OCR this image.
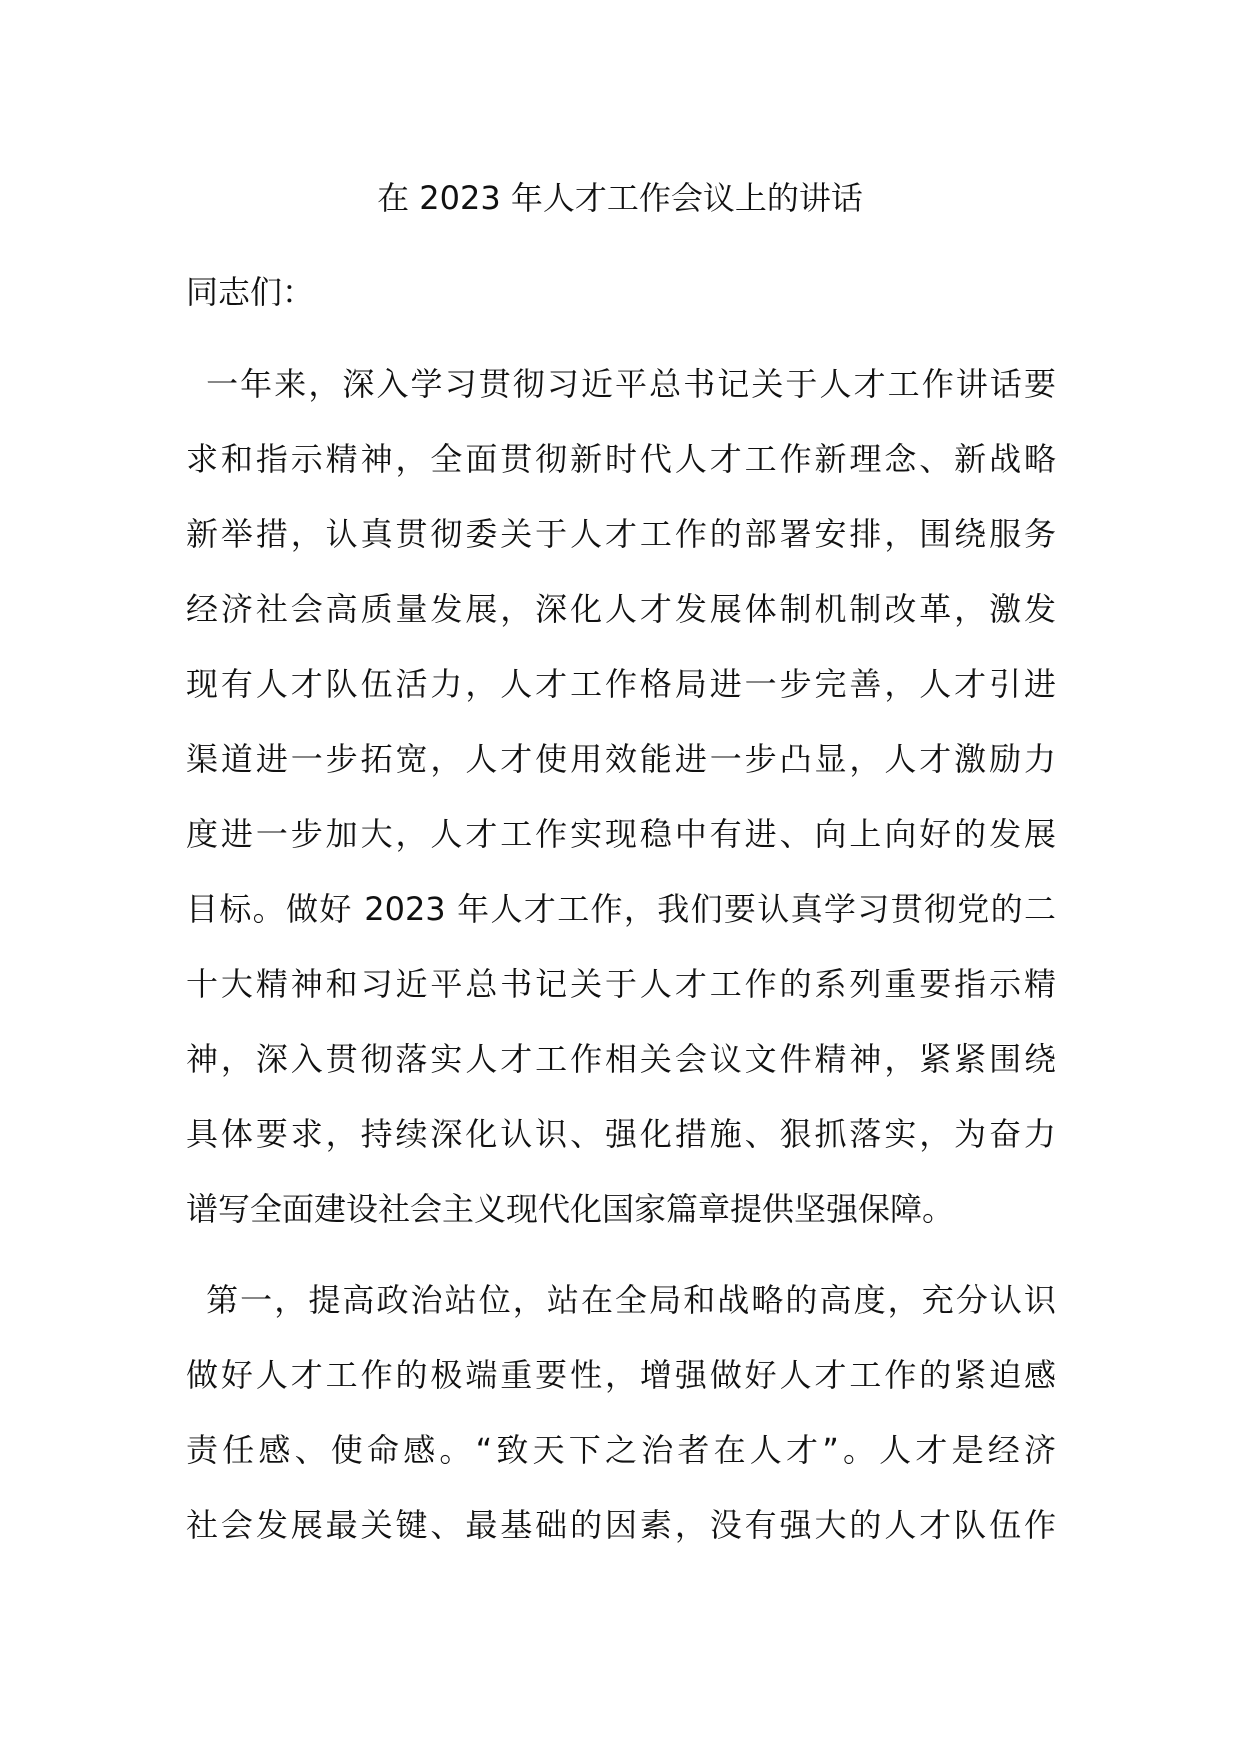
在 2023 年人才工作会议上的讲话

同志们：

一年来，深入学习贯彻习近平总书记关于人才工作讲话要
求和指示精神，全面贯彻新时代人才工作新理念、新战略
新举措，认真贯彻委关于人才工作的部署安排，围绕服务
经济社会高质量发展，深化人才发展体制机制改革，激发
现有人才队伍活力，人才工作格局进一步完善，人才引进
渠道进一步拓宽，人才使用效能进一步凸显，人才激励力
度进一步加大，人才工作实现稳中有进、向上向好的发展
目标。做好 2023 年人才工作，我们要认真学习贯彻党的二
十大精神和习近平总书记关于人才工作的系列重要指示精
神，深入贯彻落实人才工作相关会议文件精神，紧紧围绕
具体要求，持续深化认识、强化措施、狠抓落实，为奋力
谱写全面建设社会主义现代化国家篇章提供坚强保障。
第一，提高政治站位，站在全局和战略的高度，充分认识
做好人才工作的极端重要性，增强做好人才工作的紧迫感
责任感、使命感。“致天下之治者在人才”。人才是经济
社会发展最关键、最基础的因素，没有强大的人才队伍作
